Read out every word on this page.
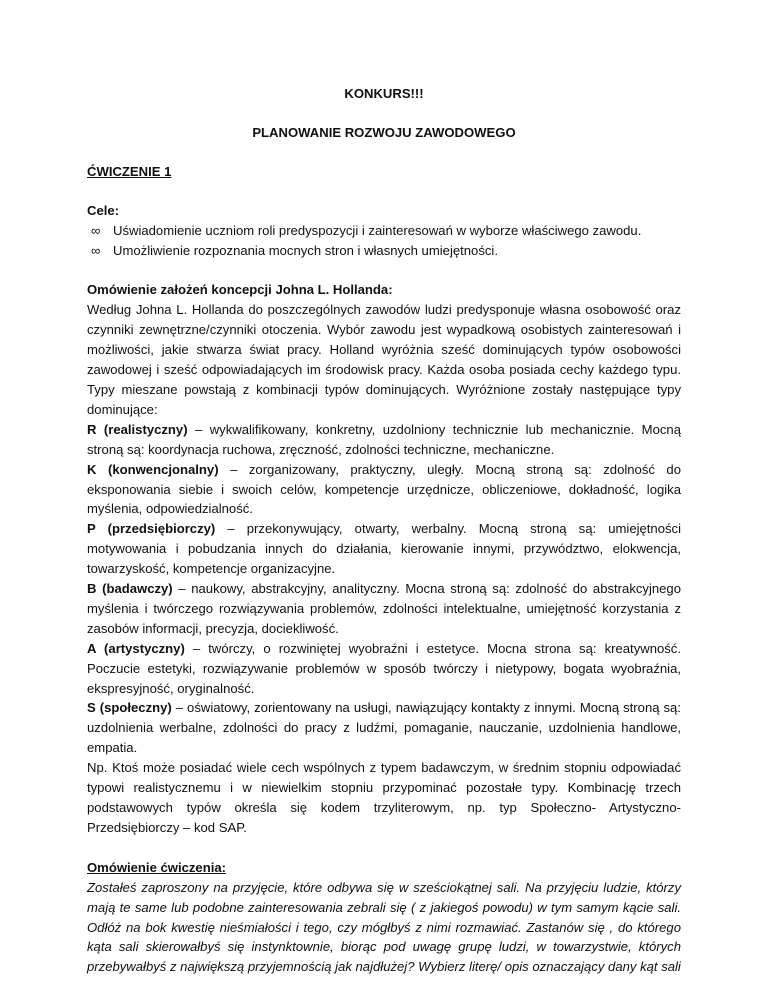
KONKURS!!!
PLANOWANIE ROZWOJU ZAWODOWEGO
ĆWICZENIE 1
Cele:
∞ Uświadomienie uczniom roli predyspozycji i zainteresowań w wyborze właściwego zawodu.
∞ Umożliwienie rozpoznania mocnych stron i własnych umiejętności.
Omówienie założeń koncepcji Johna L. Hollanda:
Według Johna L. Hollanda do poszczególnych zawodów ludzi predysponuje własna osobowość oraz czynniki zewnętrzne/czynniki otoczenia. Wybór zawodu jest wypadkową osobistych zainteresowań i możliwości, jakie stwarza świat pracy. Holland wyróżnia sześć dominujących typów osobowości zawodowej i sześć odpowiadających im środowisk pracy. Każda osoba posiada cechy każdego typu. Typy mieszane powstają z kombinacji typów dominujących. Wyróżnione zostały następujące typy dominujące:
R (realistyczny) – wykwalifikowany, konkretny, uzdolniony technicznie lub mechanicznie. Mocną stroną są: koordynacja ruchowa, zręczność, zdolności techniczne, mechaniczne.
K (konwencjonalny) – zorganizowany, praktyczny, uległy. Mocną stroną są: zdolność do eksponowania siebie i swoich celów, kompetencje urzędnicze, obliczeniowe, dokładność, logika myślenia, odpowiedzialność.
P (przedsiębiorczy) – przekonywujący, otwarty, werbalny. Mocną stroną są: umiejętności motywowania i pobudzania innych do działania, kierowanie innymi, przywództwo, elokwencja, towarzyskość, kompetencje organizacyjne.
B (badawczy) – naukowy, abstrakcyjny, analityczny. Mocna stroną są: zdolność do abstrakcyjnego myślenia i twórczego rozwiązywania problemów, zdolności intelektualne, umiejętność korzystania z zasobów informacji, precyzja, dociekliwość.
A (artystyczny) – twórczy, o rozwiniętej wyobraźni i estetyce. Mocna strona są: kreatywność. Poczucie estetyki, rozwiązywanie problemów w sposób twórczy i nietypowy, bogata wyobraźnia, ekspresyjność, oryginalność.
S (społeczny) – oświatowy, zorientowany na usługi, nawiązujący kontakty z innymi. Mocną stroną są: uzdolnienia werbalne, zdolności do pracy z ludźmi, pomaganie, nauczanie, uzdolnienia handlowe, empatia.
Np. Ktoś może posiadać wiele cech wspólnych z typem badawczym, w średnim stopniu odpowiadać typowi realistycznemu i w niewielkim stopniu przypominać pozostałe typy. Kombinację trzech podstawowych typów określa się kodem trzyliterowym, np. typ Społeczno- Artystyczno- Przedsiębiorczy – kod SAP.
Omówienie ćwiczenia:
Zostałeś zaproszony na przyjęcie, które odbywa się w sześciokątnej sali. Na przyjęciu ludzie, którzy mają te same lub podobne zainteresowania zebrali się ( z jakiegoś powodu) w tym samym kącie sali. Odłóż na bok kwestię nieśmiałości i tego, czy mógłbyś z nimi rozmawiać. Zastanów się , do którego kąta sali skierowałbyś się instynktownie, biorąc pod uwagę grupę ludzi, w towarzystwie, których przebywałbyś z największą przyjemnością jak najdłużej? Wybierz literę/ opis oznaczający dany kąt sali
